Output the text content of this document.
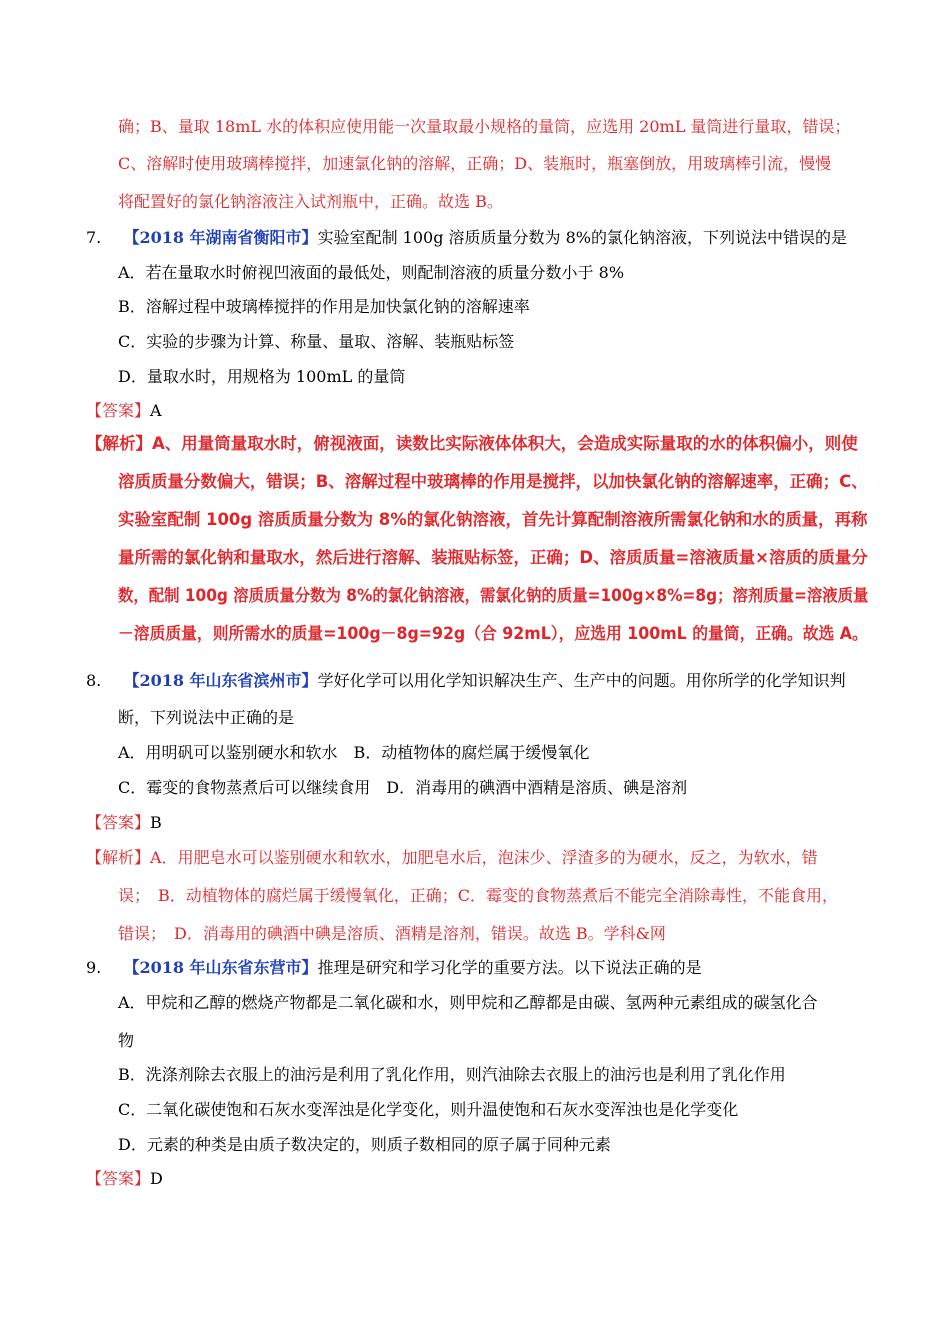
确；B、量取 18mL 水的体积应使用能一次量取最小规格的量筒，应选用 20mL 量筒进行量取，错误；
C、溶解时使用玻璃棒搅拌，加速氯化钠的溶解，正确；D、装瓶时，瓶塞倒放，用玻璃棒引流，慢慢
将配置好的氯化钠溶液注入试剂瓶中，正确。故选 B。
7. 【2018 年湖南省衡阳市】实验室配制 100g 溶质质量分数为 8%的氯化钠溶液，下列说法中错误的是
A．若在量取水时俯视凹液面的最低处，则配制溶液的质量分数小于 8%
B．溶解过程中玻璃棒搅拌的作用是加快氯化钠的溶解速率
C．实验的步骤为计算、称量、量取、溶解、装瓶贴标签
D．量取水时，用规格为 100mL 的量筒
【答案】A
【解析】A、用量筒量取水时，俯视液面，读数比实际液体体积大，会造成实际量取的水的体积偏小，则使
溶质质量分数偏大，错误；B、溶解过程中玻璃棒的作用是搅拌，以加快氯化钠的溶解速率，正确；C、
实验室配制 100g 溶质质量分数为 8%的氯化钠溶液，首先计算配制溶液所需氯化钠和水的质量，再称
量所需的氯化钠和量取水，然后进行溶解、装瓶贴标签，正确；D、溶质质量=溶液质量×溶质的质量分
数，配制 100g 溶质质量分数为 8%的氯化钠溶液，需氯化钠的质量=100g×8%=8g；溶剂质量=溶液质量
－溶质质量，则所需水的质量=100g－8g=92g（合 92mL），应选用 100mL 的量筒，正确。故选 A。
8. 【2018 年山东省滨州市】学好化学可以用化学知识解决生产、生产中的问题。用你所学的化学知识判
断，下列说法中正确的是
A．用明矾可以鉴别硬水和软水　B．动植物体的腐烂属于缓慢氧化
C．霉变的食物蒸煮后可以继续食用　D．消毒用的碘酒中酒精是溶质、碘是溶剂
【答案】B
【解析】A．用肥皂水可以鉴别硬水和软水，加肥皂水后，泡沫少、浮渣多的为硬水，反之，为软水，错
误；　B．动植物体的腐烂属于缓慢氧化，正确；C．霉变的食物蒸煮后不能完全消除毒性，不能食用，
错误；　D．消毒用的碘酒中碘是溶质、酒精是溶剂，错误。故选 B。学科&网
9. 【2018 年山东省东营市】推理是研究和学习化学的重要方法。以下说法正确的是
A．甲烷和乙醇的燃烧产物都是二氧化碳和水，则甲烷和乙醇都是由碳、氢两种元素组成的碳氢化合
物
B．洗涤剂除去衣服上的油污是利用了乳化作用，则汽油除去衣服上的油污也是利用了乳化作用
C．二氧化碳使饱和石灰水变浑浊是化学变化，则升温使饱和石灰水变浑浊也是化学变化
D．元素的种类是由质子数决定的，则质子数相同的原子属于同种元素
【答案】D
